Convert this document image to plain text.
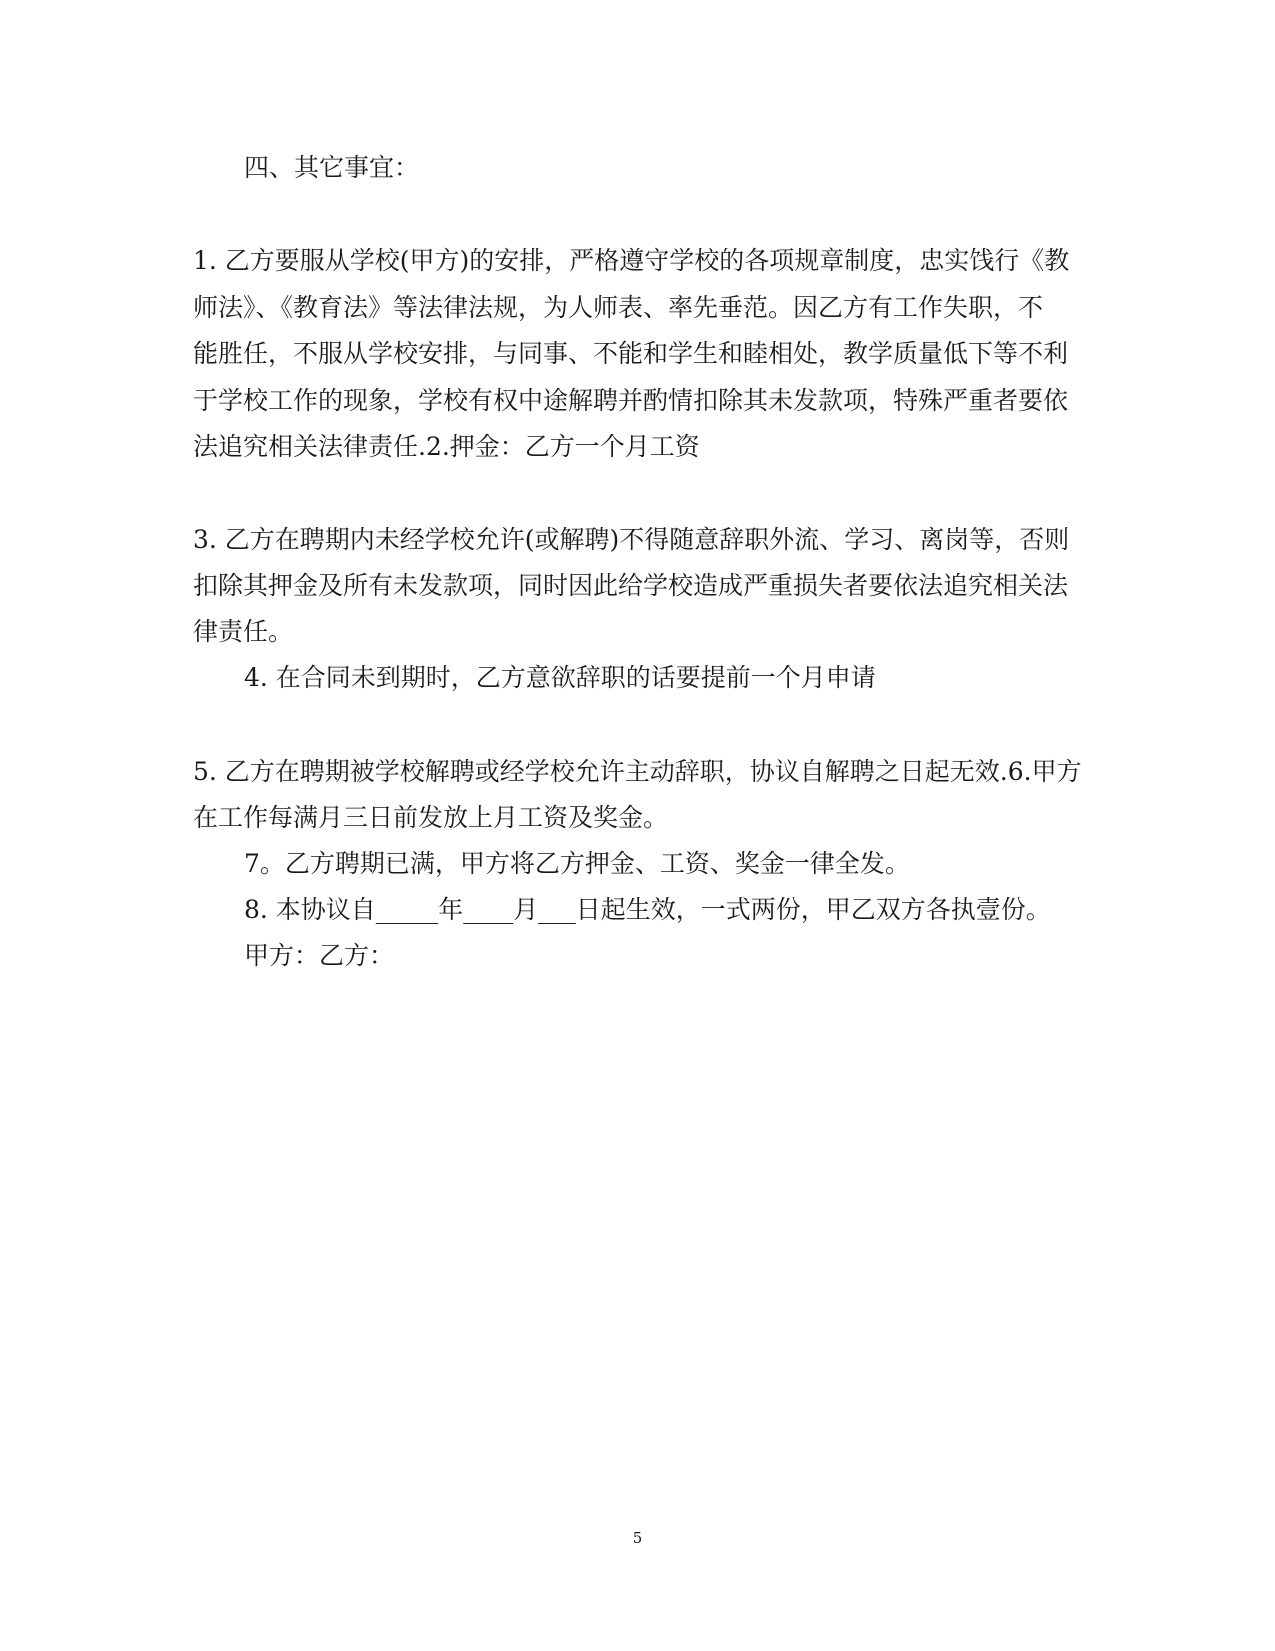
四、其它事宜：
1. 乙方要服从学校(甲方)的安排，严格遵守学校的各项规章制度，忠实饯行《教
师法》、《教育法》等法律法规，为人师表、率先垂范。因乙方有工作失职，不
能胜任，不服从学校安排，与同事、不能和学生和睦相处，教学质量低下等不利
于学校工作的现象，学校有权中途解聘并酌情扣除其未发款项，特殊严重者要依
法追究相关法律责任.2.押金：乙方一个月工资
3. 乙方在聘期内未经学校允许(或解聘)不得随意辞职外流、学习、离岗等，否则
扣除其押金及所有未发款项，同时因此给学校造成严重损失者要依法追究相关法
律责任。
4. 在合同未到期时，乙方意欲辞职的话要提前一个月申请
5. 乙方在聘期被学校解聘或经学校允许主动辞职，协议自解聘之日起无效.6.甲方
在工作每满月三日前发放上月工资及奖金。
7。乙方聘期已满，甲方将乙方押金、工资、奖金一律全发。
8. 本协议自_____年____月___日起生效，一式两份，甲乙双方各执壹份。
甲方：乙方：
5
